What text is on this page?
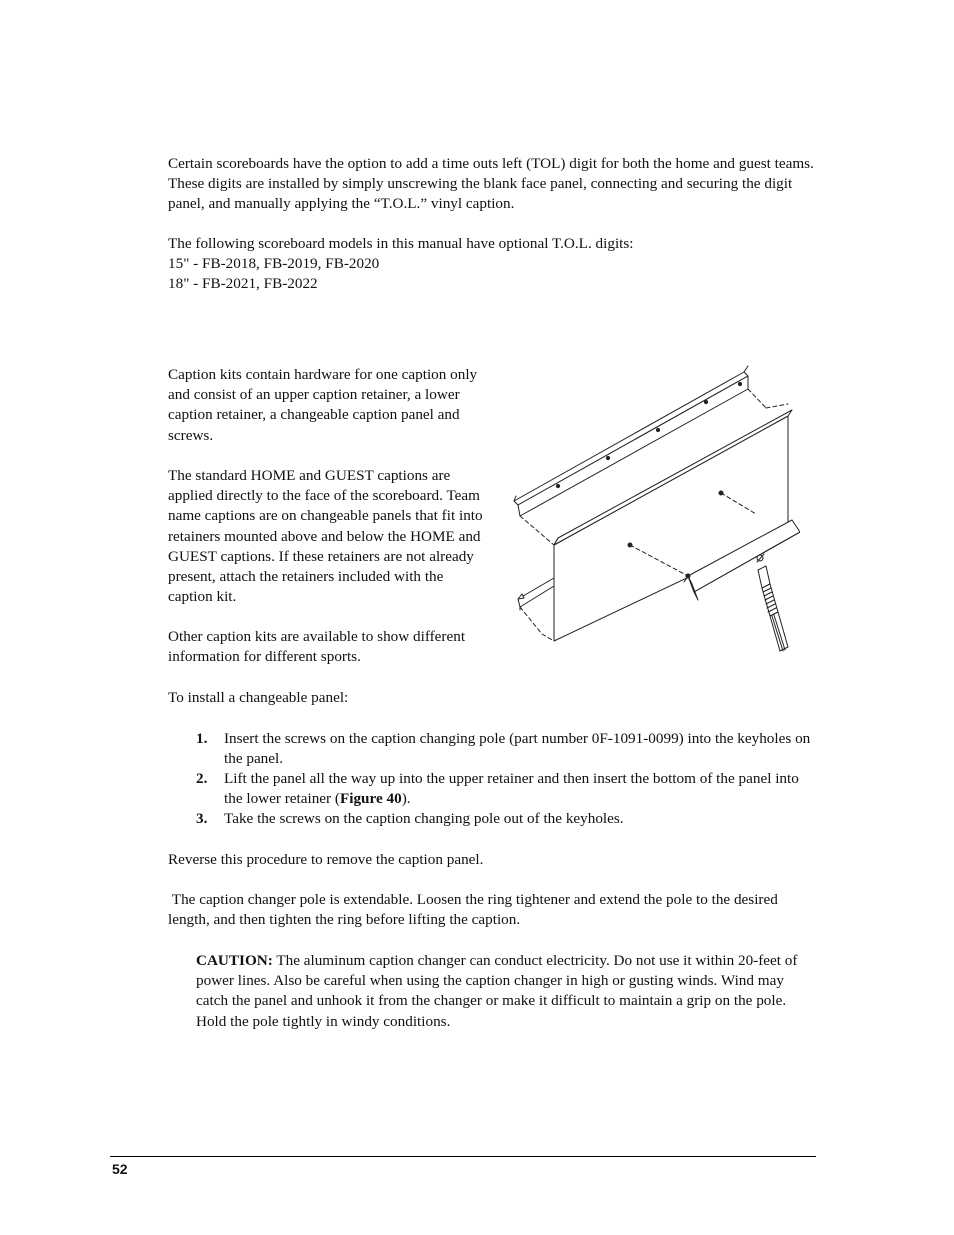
Certain scoreboards have the option to add a time outs left (TOL) digit for both the home and guest teams. These digits are installed by simply unscrewing the blank face panel, connecting and securing the digit panel, and manually applying the “T.O.L.” vinyl caption.

The following scoreboard models in this manual have optional T.O.L. digits:

15" - FB-2018, FB-2019, FB-2020

18" - FB-2021, FB-2022

Caption kits contain hardware for one caption only and consist of an upper caption retainer, a lower caption retainer, a changeable caption panel and screws.

The standard HOME and GUEST captions are applied directly to the face of the scoreboard. Team name captions are on changeable panels that fit into retainers mounted above and below the HOME and GUEST captions. If these retainers are not already present, attach the retainers included with the caption kit.

Other caption kits are available to show different information for different sports.

To install a changeable panel:

1.	Insert the screws on the caption changing pole (part number 0F-1091-0099) into the keyholes on the panel.
2.	Lift the panel all the way up into the upper retainer and then insert the bottom of the panel into the lower retainer (Figure 40).
3.	Take the screws on the caption changing pole out of the keyholes.

Reverse this procedure to remove the caption panel.

The caption changer pole is extendable. Loosen the ring tightener and extend the pole to the desired length, and then tighten the ring before lifting the caption.

CAUTION: The aluminum caption changer can conduct electricity. Do not use it within 20-feet of power lines. Also be careful when using the caption changer in high or gusting winds. Wind may catch the panel and unhook it from the changer or make it difficult to maintain a grip on the pole. Hold the pole tightly in windy conditions.

52
